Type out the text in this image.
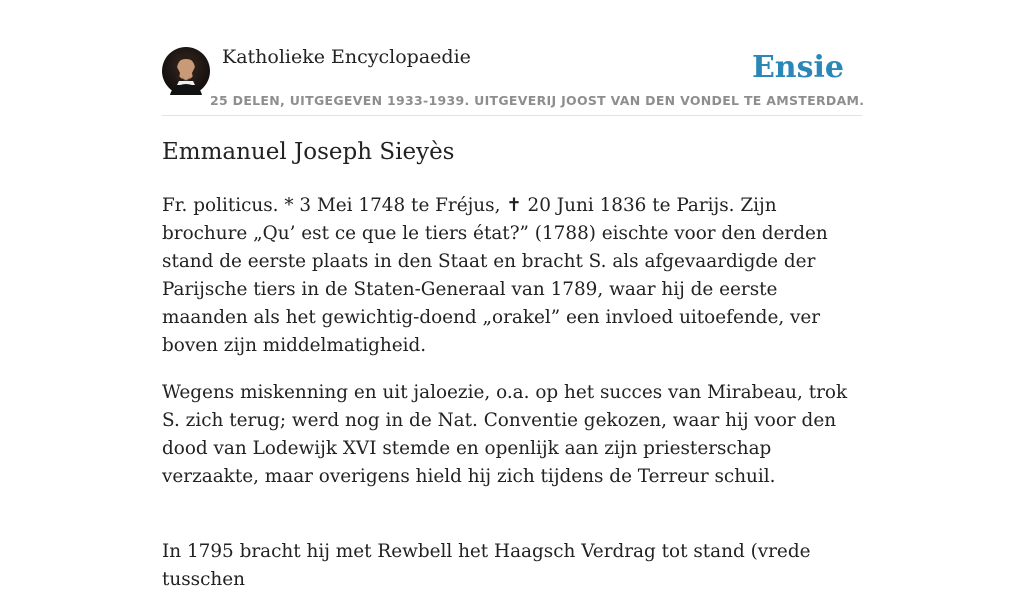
Katholieke Encyclopaedie
25 DELEN, UITGEGEVEN 1933-1939. UITGEVERIJ JOOST VAN DEN VONDEL TE AMSTERDAM.
Ensie
Emmanuel Joseph Sieyès

Fr. politicus. * 3 Mei 1748 te Fréjus, ✝ 20 Juni 1836 te Parijs. Zijn brochure „Qu’ est ce que le tiers état?” (1788) eischte voor den derden stand de eerste plaats in den Staat en bracht S. als afgevaardigde der Parijsche tiers in de Staten-Generaal van 1789, waar hij de eerste maanden als het gewichtig-doend „orakel” een invloed uitoefende, ver boven zijn middelmatigheid.

Wegens miskenning en uit jaloezie, o.a. op het succes van Mirabeau, trok S. zich terug; werd nog in de Nat. Conventie gekozen, waar hij voor den dood van Lodewijk XVI stemde en openlijk aan zijn priesterschap verzaakte, maar overigens hield hij zich tijdens de Terreur schuil.

In 1795 bracht hij met Rewbell het Haagsch Verdrag tot stand (vrede tusschen
